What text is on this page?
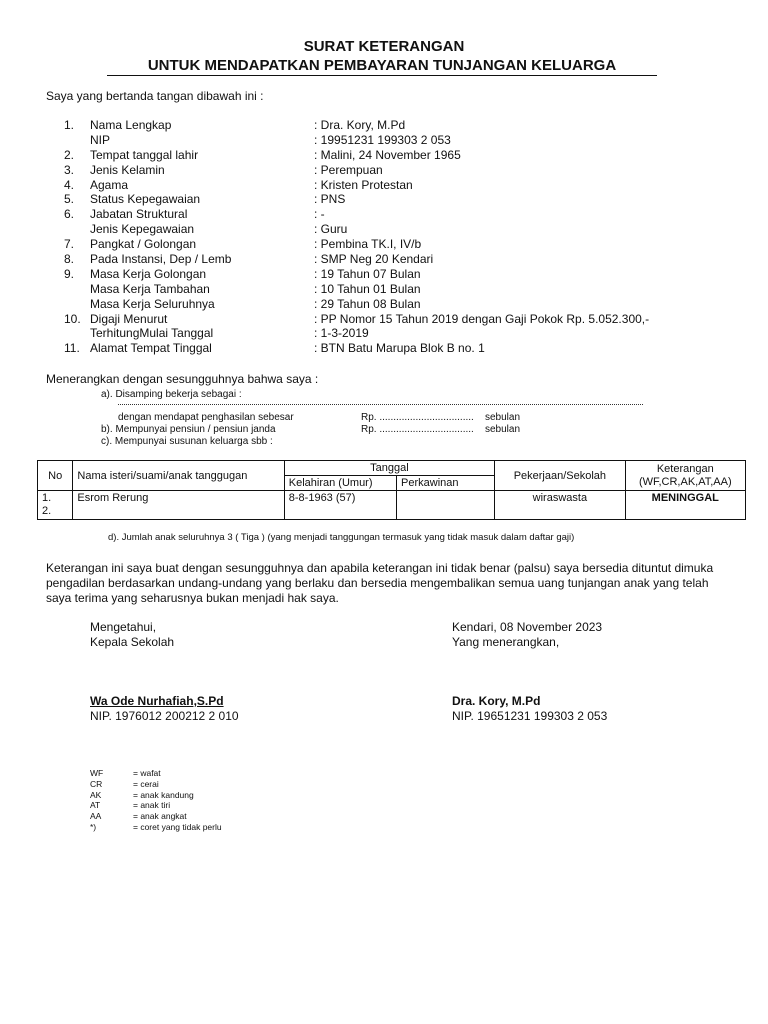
SURAT KETERANGAN
UNTUK MENDAPATKAN PEMBAYARAN TUNJANGAN KELUARGA
Saya yang bertanda tangan dibawah ini :
1.	Nama Lengkap	: Dra. Kory, M.Pd
NIP	: 19951231 199303 2 053
2.	Tempat tanggal lahir	: Malini, 24 November 1965
3.	Jenis Kelamin	: Perempuan
4.	Agama	: Kristen Protestan
5.	Status Kepegawaian	: PNS
6.	Jabatan Struktural	: -
Jenis Kepegawaian	: Guru
7.	Pangkat / Golongan	: Pembina TK.I, IV/b
8.	Pada Instansi, Dep / Lemb	: SMP Neg 20 Kendari
9.	Masa Kerja Golongan	: 19 Tahun 07 Bulan
Masa Kerja Tambahan	: 10 Tahun 01 Bulan
Masa Kerja Seluruhnya	: 29 Tahun 08 Bulan
10. Digaji Menurut	: PP Nomor 15 Tahun 2019 dengan Gaji Pokok Rp. 5.052.300,-
TerhitungMulai Tanggal	: 1-3-2019
11. Alamat Tempat Tinggal	: BTN Batu Marupa Blok B no. 1
Menerangkan dengan sesungguhnya bahwa saya :
a). Disamping bekerja sebagai :
dengan mendapat penghasilan sebesar	Rp. .................................. sebulan
b). Mempunyai pensiun / pensiun janda	Rp. .................................. sebulan
c). Mempunyai susunan keluarga sbb :
No	Nama isteri/suami/anak tanggugan	Tanggal		Pekerjaan/Sekolah	Keterangan
(WF,CR,AK,AT,AA)
		Kelahiran (Umur)	Perkawinan		

1.
2.	Esrom Rerung	8-8-1963 (57)		wiraswasta	MENINGGAL
d). Jumlah anak seluruhnya 3 ( Tiga ) (yang menjadi tanggungan termasuk yang tidak masuk dalam daftar gaji)
Keterangan ini saya buat dengan sesungguhnya dan apabila keterangan ini tidak benar (palsu) saya bersedia dituntut dimuka pengadilan berdasarkan undang-undang yang berlaku dan bersedia mengembalikan semua uang tunjangan anak yang telah saya terima yang seharusnya bukan menjadi hak saya.
Mengetahui,
Kepala Sekolah
Kendari, 08 November 2023
Yang menerangkan,
Wa Ode Nurhafiah,S.Pd
NIP. 1976012 200212 2 010
Dra. Kory, M.Pd
NIP. 19651231 199303 2 053
WF	= wafat
CR	= cerai
AK	= anak kandung
AT	= anak tiri
AA	= anak angkat
*)	= coret yang tidak perlu
